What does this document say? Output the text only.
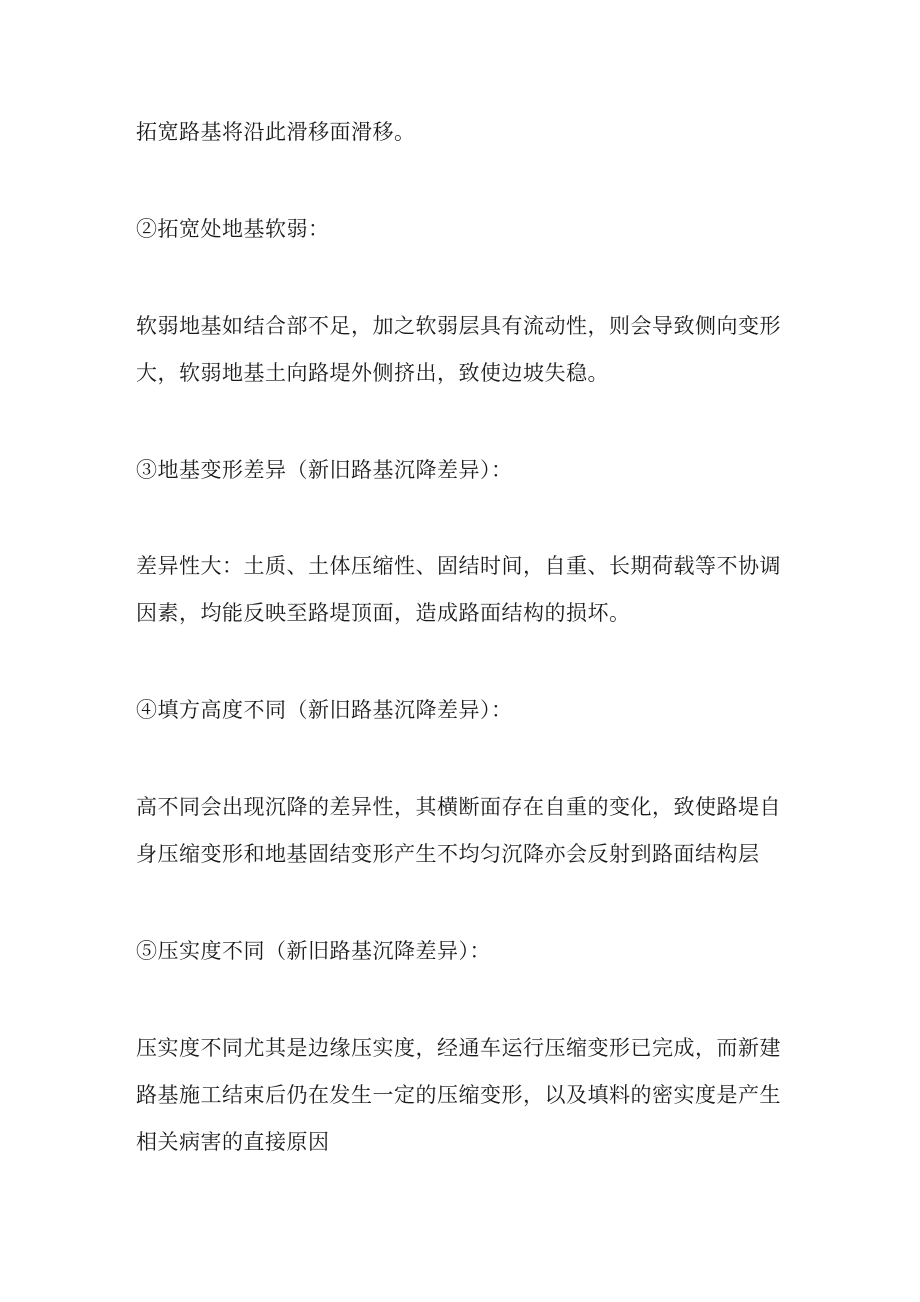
拓宽路基将沿此滑移面滑移。

②拓宽处地基软弱：

软弱地基如结合部不足，加之软弱层具有流动性，则会导致侧向变形

大，软弱地基土向路堤外侧挤出，致使边坡失稳。

③地基变形差异（新旧路基沉降差异）：

差异性大：土质、土体压缩性、固结时间，自重、长期荷载等不协调

因素，均能反映至路堤顶面，造成路面结构的损坏。

④填方高度不同（新旧路基沉降差异）：

高不同会出现沉降的差异性，其横断面存在自重的变化，致使路堤自

身压缩变形和地基固结变形产生不均匀沉降亦会反射到路面结构层

⑤压实度不同（新旧路基沉降差异）：

压实度不同尤其是边缘压实度，经通车运行压缩变形已完成，而新建

路基施工结束后仍在发生一定的压缩变形，以及填料的密实度是产生

相关病害的直接原因
